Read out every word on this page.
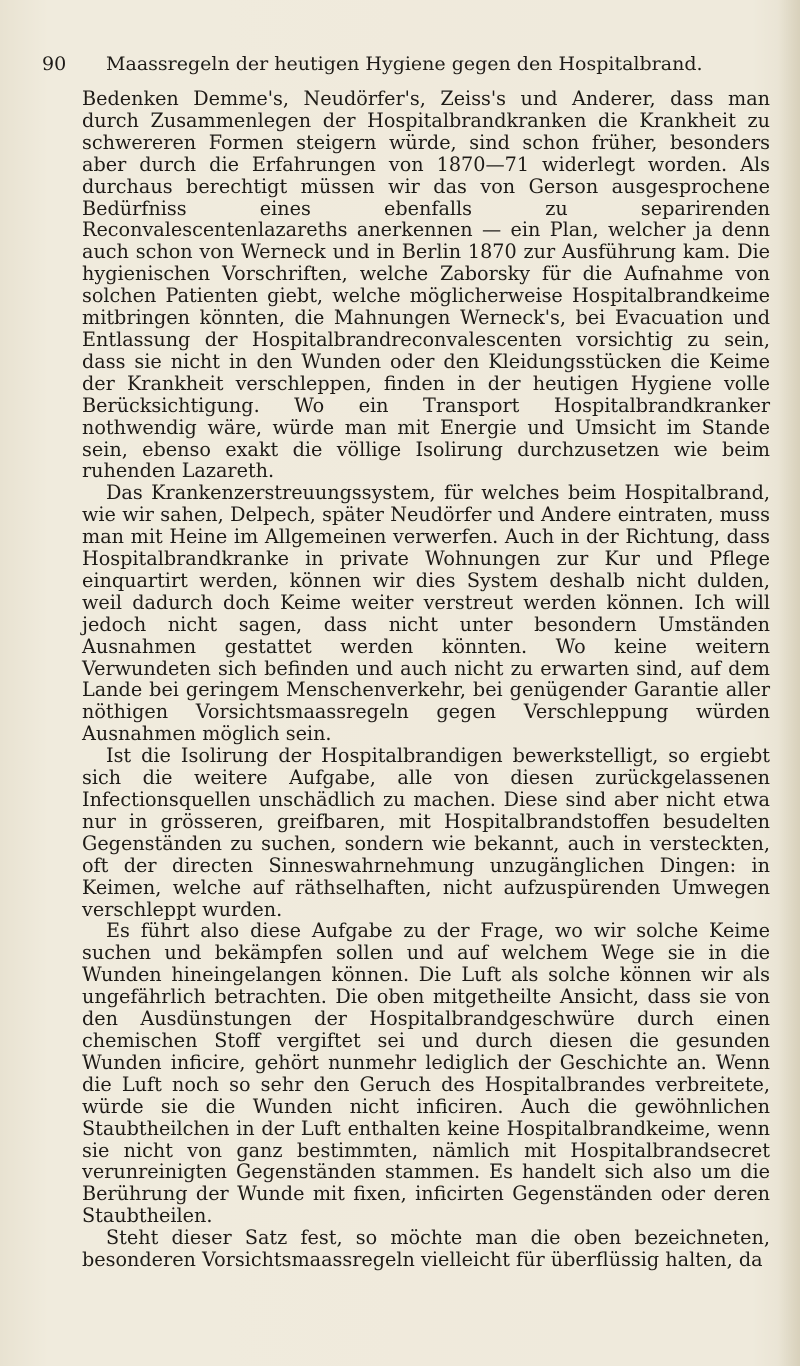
90 Maassregeln der heutigen Hygiene gegen den Hospitalbrand.

Bedenken Demme's, Neudörfer's, Zeiss's und Anderer, dass man durch Zusammenlegen der Hospitalbrandkranken die Krankheit zu schwereren Formen steigern würde, sind schon früher, besonders aber durch die Erfahrungen von 1870—71 widerlegt worden. Als durchaus berechtigt müssen wir das von Gerson ausgesprochene Bedürfniss eines ebenfalls zu separirenden Reconvalescentenlazareths anerkennen — ein Plan, welcher ja denn auch schon von Werneck und in Berlin 1870 zur Ausführung kam. Die hygienischen Vorschriften, welche Zaborsky für die Aufnahme von solchen Patienten giebt, welche möglicherweise Hospitalbrandkeime mitbringen könnten, die Mahnungen Werneck's, bei Evacuation und Entlassung der Hospitalbrandreconvalescenten vorsichtig zu sein, dass sie nicht in den Wunden oder den Kleidungsstücken die Keime der Krankheit verschleppen, finden in der heutigen Hygiene volle Berücksichtigung. Wo ein Transport Hospitalbrandkranker nothwendig wäre, würde man mit Energie und Umsicht im Stande sein, ebenso exakt die völlige Isolirung durchzusetzen wie beim ruhenden Lazareth.

Das Krankenzerstreuungssystem, für welches beim Hospitalbrand, wie wir sahen, Delpech, später Neudörfer und Andere eintraten, muss man mit Heine im Allgemeinen verwerfen. Auch in der Richtung, dass Hospitalbrandkranke in private Wohnungen zur Kur und Pflege einquartirt werden, können wir dies System deshalb nicht dulden, weil dadurch doch Keime weiter verstreut werden können. Ich will jedoch nicht sagen, dass nicht unter besondern Umständen Ausnahmen gestattet werden könnten. Wo keine weitern Verwundeten sich befinden und auch nicht zu erwarten sind, auf dem Lande bei geringem Menschenverkehr, bei genügender Garantie aller nöthigen Vorsichtsmaassregeln gegen Verschleppung würden Ausnahmen möglich sein.

Ist die Isolirung der Hospitalbrandigen bewerkstelligt, so ergiebt sich die weitere Aufgabe, alle von diesen zurückgelassenen Infectionsquellen unschädlich zu machen. Diese sind aber nicht etwa nur in grösseren, greifbaren, mit Hospitalbrandstoffen besudelten Gegenständen zu suchen, sondern wie bekannt, auch in versteckten, oft der directen Sinneswahrnehmung unzugänglichen Dingen: in Keimen, welche auf räthselhaften, nicht aufzuspürenden Umwegen verschleppt wurden.

Es führt also diese Aufgabe zu der Frage, wo wir solche Keime suchen und bekämpfen sollen und auf welchem Wege sie in die Wunden hineingelangen können. Die Luft als solche können wir als ungefährlich betrachten. Die oben mitgetheilte Ansicht, dass sie von den Ausdünstungen der Hospitalbrandgeschwüre durch einen chemischen Stoff vergiftet sei und durch diesen die gesunden Wunden inficire, gehört nunmehr lediglich der Geschichte an. Wenn die Luft noch so sehr den Geruch des Hospitalbrandes verbreitete, würde sie die Wunden nicht inficiren. Auch die gewöhnlichen Staubtheilchen in der Luft enthalten keine Hospitalbrandkeime, wenn sie nicht von ganz bestimmten, nämlich mit Hospitalbrandsecret verunreinigten Gegenständen stammen. Es handelt sich also um die Berührung der Wunde mit fixen, inficirten Gegenständen oder deren Staubtheilen.

Steht dieser Satz fest, so möchte man die oben bezeichneten, besonderen Vorsichtsmaassregeln vielleicht für überflüssig halten, da
